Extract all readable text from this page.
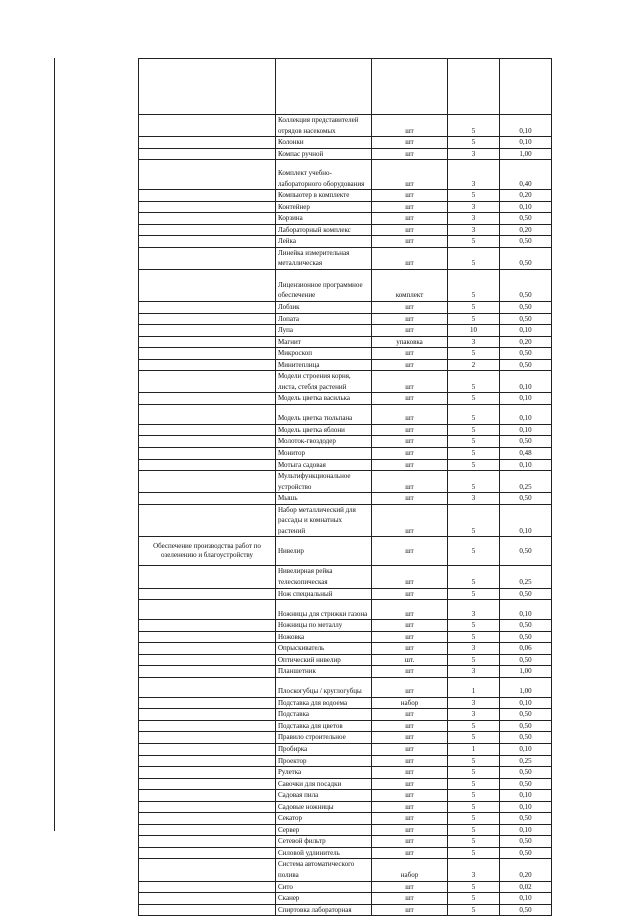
	Коллекция представителей отрядов насекомых	шт	5	0,10
	Колонки	шт	5	0,10
	Компас ручной	шт	3	1,00
	Комплект учебно-лабораторного оборудования	шт	3	0,40
	Компьютер в комплекте	шт	5	0,20
	Контейнер	шт	3	0,10
	Корзина	шт	3	0,50
	Лабораторный комплекс	шт	3	0,20
	Лейка	шт	5	0,50
	Линейка измерительная металлическая	шт	5	0,50
	Лицензионное программное обеспечение	комплект	5	0,50
	Лобзик	шт	5	0,50
	Лопата	шт	5	0,50
	Лупа	шт	10	0,10
	Магнит	упаковка	3	0,20
	Микроскоп	шт	5	0,50
	Минитеплица	шт	2	0,50
	Модели строения корня, листа, стебля растений	шт	5	0,10
	Модель цветка василька	шт	5	0,10
	Модель цветка тюльпана	шт	5	0,10
	Модель цветка яблони	шт	5	0,10
	Молоток-гвоздодер	шт	5	0,50
	Монитор	шт	5	0,48
	Мотыга садовая	шт	5	0,10
	Мультифункциональное устройство	шт	5	0,25
	Мышь	шт	3	0,50
	Набор металлический для рассады и комнатных растений	шт	5	0,10
Обеспечение производства работ по озеленению и благоустройству	Нивелир	шт	5	0,50
	Нивелирная рейка телескопическая	шт	5	0,25
	Нож специальный	шт	5	0,50
	Ножницы для стрижки газона	шт	3	0,10
	Ножницы по металлу	шт	5	0,50
	Ножовка	шт	5	0,50
	Опрыскиватель	шт	3	0,06
	Оптический нивелир	шт.	5	0,50
	Планшетник	шт	3	1,00
	Плоскогубцы / круглогубцы	шт	1	1,00
	Подставка для водоема	набор	3	0,10
	Подставка	шт	3	0,50
	Подставка для цветов	шт	5	0,50
	Правило строительное	шт	5	0,50
	Пробирка	шт	1	0,10
	Проектор	шт	5	0,25
	Рулетка	шт	5	0,50
	Савочки для посадки	шт	5	0,50
	Садовая пила	шт	5	0,10
	Садовые ножницы	шт	5	0,10
	Секатор	шт	5	0,50
	Сервер	шт	5	0,10
	Сетевой фильтр	шт	5	0,50
	Силовой удлинитель	шт	5	0,50
	Система автоматического полива	набор	3	0,20
	Сито	шт	5	0,02
	Сканер	шт	5	0,10
	Спиртовка лабораторная	шт	5	0,50
